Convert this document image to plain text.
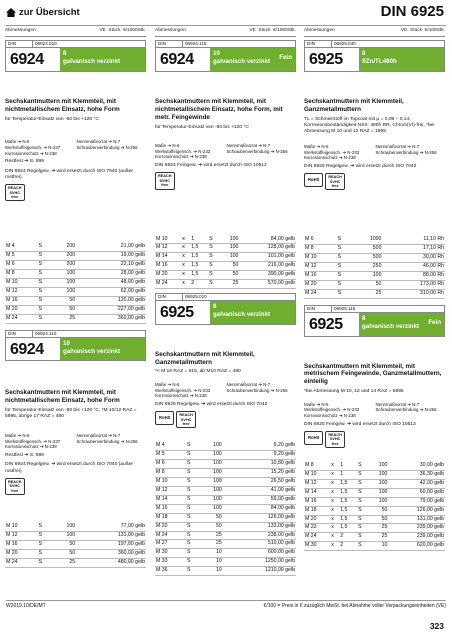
zur Übersicht	DIN 6925
Abmessungen	VE Stück €/1000Stk.
DIN	06924.010
6924	8
galvanisch verzinkt
Sechskantmuttern mit Klemmteil, mit nichtmetallischem Einsatz, hohe Form
für Temperatur-Einsatz von -50 bis +120 °C
Maße ➔ N-6	Nennmaßvorrat ➔ N-7
Werkstoffeigensch. ➔ N-237	Schraubenverbindung ➔ N-256
Korrosionsschutz ➔ N-238
Restfest ➔ S. 999
DIN 6924 Regelgew. ➔ wird ersetzt durch ISO 7040 (außer rostfrei)
REACH
SVHC
free
M 4	S	200	21,00 gelb
M 5	S	200	19,00 gelb
M 6	S	200	22,10 gelb
M 8	S	100	28,00 gelb
M 10	S	100	48,00 gelb
M 12	S	100	62,00 gelb
M 16	S	50	120,00 gelb
M 20	S	50	227,00 gelb
M 24	S	25	360,00 gelb
DIN	06924.110
6924	10
galvanisch verzinkt
Sechskantmuttern mit Klemmteil, mit nichtmetallischem Einsatz, hohe Form
für Temperatur-Einsatz von -50 bis +120 °C, *M 10/12 RAZ = 5995, übrige 17 RAZ = 480
Maße ➔ N-6	Nennmaßvorrat ➔ N-7
Werkstoffeigensch. ➔ N-237	Schraubenverbindung ➔ N-256
Korrosionsschutz ➔ N-238
Restfest ➔ S. 999
DIN 6924 Regelgew. ➔ wird ersetzt durch ISO 7040 (außer rostfrei)
REACH
SVHC
free
M 10	S	100	77,00 gelb
M 12	S	100	131,00 gelb
M 16	S	50	197,00 gelb
M 20	S	50	360,00 gelb
M 24	S	25	480,00 gelb
Abmessungen	VE Stück €/1000Stk.
DIN	06924.115
6924	10
galvanisch verzinkt
Fein
Sechskantmuttern mit Klemmteil, mit nichtmetallischem Einsatz, hohe Form, mit metr. Feingewinde
für Temperatur-Einsatz von -50 bis +120 °C
Maße ➔ N-6	Nennmaßvorrat ➔ N-7
Werkstoffeigensch. ➔ N-233	Schraubenverbindung ➔ N-256
Korrosionsschutz ➔ N-238
DIN 6924 Feingew. ➔ wird ersetzt durch ISO 10512
REACH
SVHC
free
M 10	x	1	S	100	84,00 gelb
M 12	x	1,5	S	100	128,00 gelb
M 14	x	1,5	S	100	101,00 gelb
M 16	x	1,5	S	50	216,00 gelb
M 20	x	1,5	S	50	390,00 gelb
M 24	x	2	S	25	570,00 gelb
DIN	06925.010
6925	8
galvanisch verzinkt
Sechskantmuttern mit Klemmteil, Ganzmetallmuttern
*< M 10 RAZ = 615, ab M10 RAZ = 480
Maße ➔ N-6	Nennmaßvorrat ➔ N-7
Werkstoffeigensch. ➔ N-233	Schraubenverbindung ➔ N-256
Korrosionsschutz ➔ N-238
DIN 6925 Regelgew. ➔ wird ersetzt durch ISO 7042
RoHS REACH
SVHC
free
M 4	S	100	9,20 gelb
M 5	S	100	9,20 gelb
M 6	S	100	10,80 gelb
M 8	S	100	15,20 gelb
M 10	S	100	26,50 gelb
M 12	S	100	41,00 gelb
M 14	S	100	59,00 gelb
M 16	S	100	84,00 gelb
M 18	S	50	126,00 gelb
M 20	S	50	133,00 gelb
M 24	S	25	238,00 gelb
M 27	S	25	510,00 gelb
M 30	S	10	600,00 gelb
M 33	S	10	1250,00 gelb
M 36	S	10	1210,00 gelb
Abmessungen	VE Stück €/100Stk.
DIN	06925.040
6925	8
flZn/TL480h
Sechskantmuttern mit Klemmteil, Ganzmetallmuttern
TL = Schmierstoff im Topcoat mit µ = 0,09 – 0,14, Korrosionsbeständigkeit NSS: 480h RR, Chrom(VI)-frei, *bei Abmessung M 10 und 12 RAZ = 1995
Maße ➔ N-6	Nennmaßvorrat ➔ N-7
Werkstoffeigensch. ➔ N-233	Schraubenverbindung ➔ N-256
Korrosionsschutz ➔ N-238
DIN 6925 Regelgew. ➔ wird ersetzt durch ISO 7042
RoHS REACH
SVHC
free
M 6	S	1000	11,10 Rh
M 8	S	500	17,10 Rh
M 10	S	500	30,00 Rh
M 12	S	250	46,00 Rh
M 16	S	100	88,00 Rh
M 20	S	50	173,00 Rh
M 24	S	25	310,00 Rh
DIN	06925.115
6925	8
galvanisch verzinkt
Fein
Sechskantmuttern mit Klemmteil, mit metrischem Feingewinde, Ganzmetallmuttern, einteilig
*bei Abmessung M 10, 12 und 14 RAZ = 5995
Maße ➔ N-6	Nennmaßvorrat ➔ N-7
Werkstoffeigensch. ➔ N-233	Schraubenverbindung ➔ N-256
Korrosionsschutz ➔ N-238
DIN 6925 Feingew. ➔ wird ersetzt durch ISO 10513
RoHS REACH
SVHC
free
M 8	x	1	S	100	30,00 gelb
M 10	x	1	S	100	36,30 gelb
M 12	x	1,5	S	100	42,00 gelb
M 14	x	1,5	S	100	60,00 gelb
M 16	x	1,5	S	100	79,00 gelb
M 18	x	1,5	S	50	126,00 gelb
M 20	x	1,5	S	50	131,00 gelb
M 22	x	1,5	S	25	239,00 gelb
M 24	x	2	S	25	239,00 gelb
M 30	x	2	S	10	620,00 gelb
W2019.10/DE/MT	€/100 = Preis in € zuzüglich MwSt. bei Abnahme voller Verpackungseinheiten (VE)
323
